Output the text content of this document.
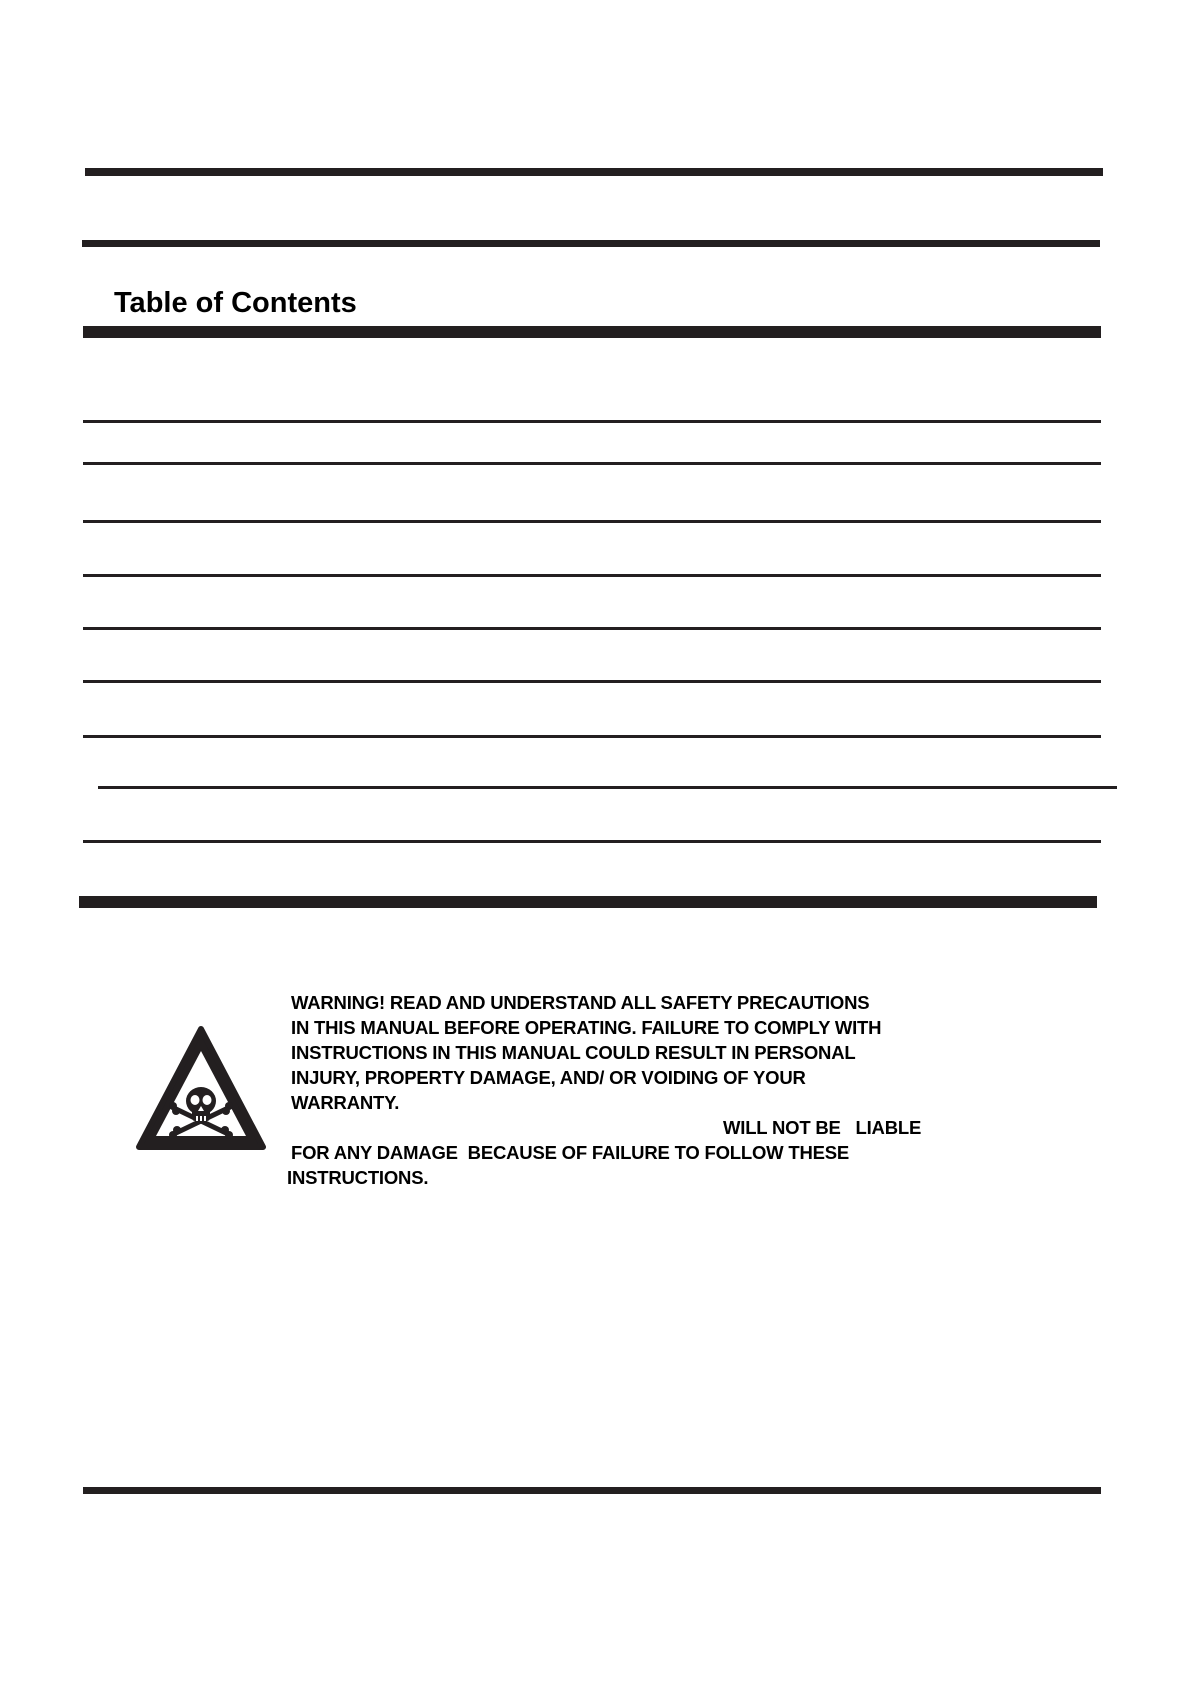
Table of Contents
WARNING! READ AND UNDERSTAND ALL SAFETY PRECAUTIONS
IN THIS MANUAL BEFORE OPERATING. FAILURE TO COMPLY WITH
INSTRUCTIONS IN THIS MANUAL COULD RESULT IN PERSONAL
INJURY, PROPERTY DAMAGE, AND/ OR VOIDING OF YOUR
WARRANTY.
WILL NOT BE   LIABLE
FOR ANY DAMAGE  BECAUSE OF FAILURE TO FOLLOW THESE
INSTRUCTIONS.
